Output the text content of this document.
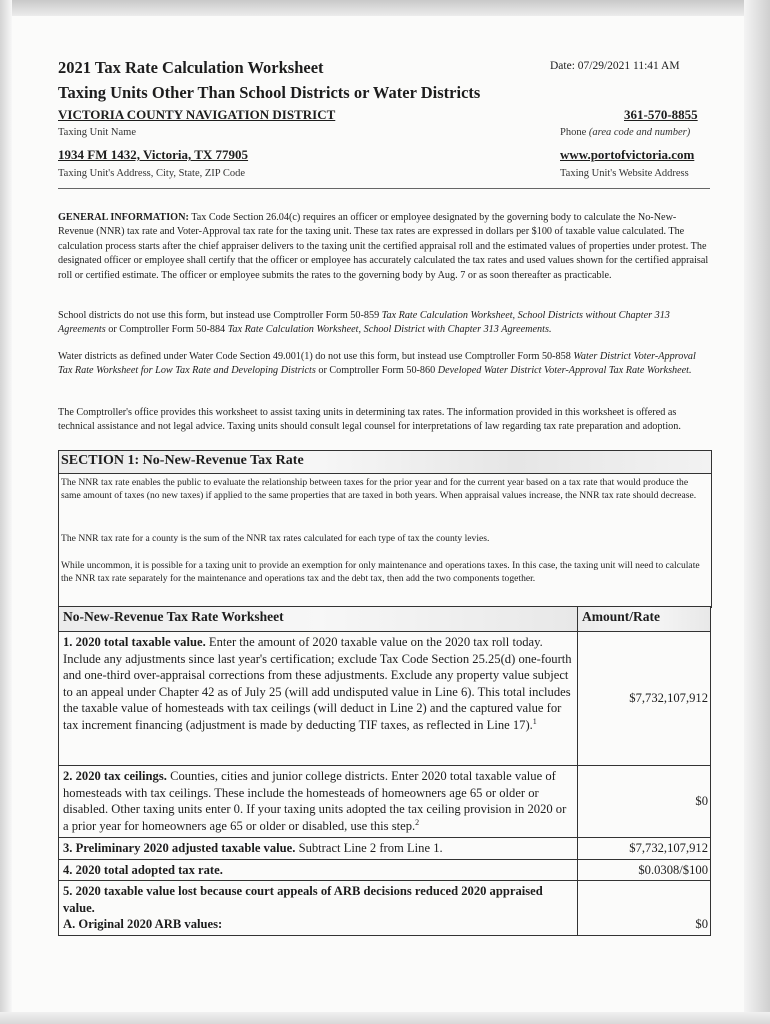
2021 Tax Rate Calculation Worksheet
Taxing Units Other Than School Districts or Water Districts
Date: 07/29/2021 11:41 AM
VICTORIA COUNTY NAVIGATION DISTRICT	361-570-8855
Taxing Unit Name	Phone (area code and number)
1934 FM 1432, Victoria, TX 77905	www.portofvictoria.com
Taxing Unit's Address, City, State, ZIP Code	Taxing Unit's Website Address
GENERAL INFORMATION: Tax Code Section 26.04(c) requires an officer or employee designated by the governing body to calculate the No-New-Revenue (NNR) tax rate and Voter-Approval tax rate for the taxing unit. These tax rates are expressed in dollars per $100 of taxable value calculated. The calculation process starts after the chief appraiser delivers to the taxing unit the certified appraisal roll and the estimated values of properties under protest. The designated officer or employee shall certify that the officer or employee has accurately calculated the tax rates and used values shown for the certified appraisal roll or certified estimate. The officer or employee submits the rates to the governing body by Aug. 7 or as soon thereafter as practicable.
School districts do not use this form, but instead use Comptroller Form 50-859 Tax Rate Calculation Worksheet, School Districts without Chapter 313 Agreements or Comptroller Form 50-884 Tax Rate Calculation Worksheet, School District with Chapter 313 Agreements.
Water districts as defined under Water Code Section 49.001(1) do not use this form, but instead use Comptroller Form 50-858 Water District Voter-Approval Tax Rate Worksheet for Low Tax Rate and Developing Districts or Comptroller Form 50-860 Developed Water District Voter-Approval Tax Rate Worksheet.
The Comptroller's office provides this worksheet to assist taxing units in determining tax rates. The information provided in this worksheet is offered as technical assistance and not legal advice. Taxing units should consult legal counsel for interpretations of law regarding tax rate preparation and adoption.
SECTION 1: No-New-Revenue Tax Rate
The NNR tax rate enables the public to evaluate the relationship between taxes for the prior year and for the current year based on a tax rate that would produce the same amount of taxes (no new taxes) if applied to the same properties that are taxed in both years. When appraisal values increase, the NNR tax rate should decrease.
The NNR tax rate for a county is the sum of the NNR tax rates calculated for each type of tax the county levies.
While uncommon, it is possible for a taxing unit to provide an exemption for only maintenance and operations taxes. In this case, the taxing unit will need to calculate the NNR tax rate separately for the maintenance and operations tax and the debt tax, then add the two components together.
No-New-Revenue Tax Rate Worksheet	Amount/Rate
1. 2020 total taxable value. Enter the amount of 2020 taxable value on the 2020 tax roll today. Include any adjustments since last year's certification; exclude Tax Code Section 25.25(d) one-fourth and one-third over-appraisal corrections from these adjustments. Exclude any property value subject to an appeal under Chapter 42 as of July 25 (will add undisputed value in Line 6). This total includes the taxable value of homesteads with tax ceilings (will deduct in Line 2) and the captured value for tax increment financing (adjustment is made by deducting TIF taxes, as reflected in Line 17).$^1$	$7,732,107,912
2. 2020 tax ceilings. Counties, cities and junior college districts. Enter 2020 total taxable value of homesteads with tax ceilings. These include the homesteads of homeowners age 65 or older or disabled. Other taxing units enter 0. If your taxing units adopted the tax ceiling provision in 2020 or a prior year for homeowners age 65 or older or disabled, use this step.$^2$	$0
3. Preliminary 2020 adjusted taxable value. Subtract Line 2 from Line 1.	$7,732,107,912
4. 2020 total adopted tax rate.	$0.0308/$100
5. 2020 taxable value lost because court appeals of ARB decisions reduced 2020 appraised value.
A. Original 2020 ARB values:	$0
